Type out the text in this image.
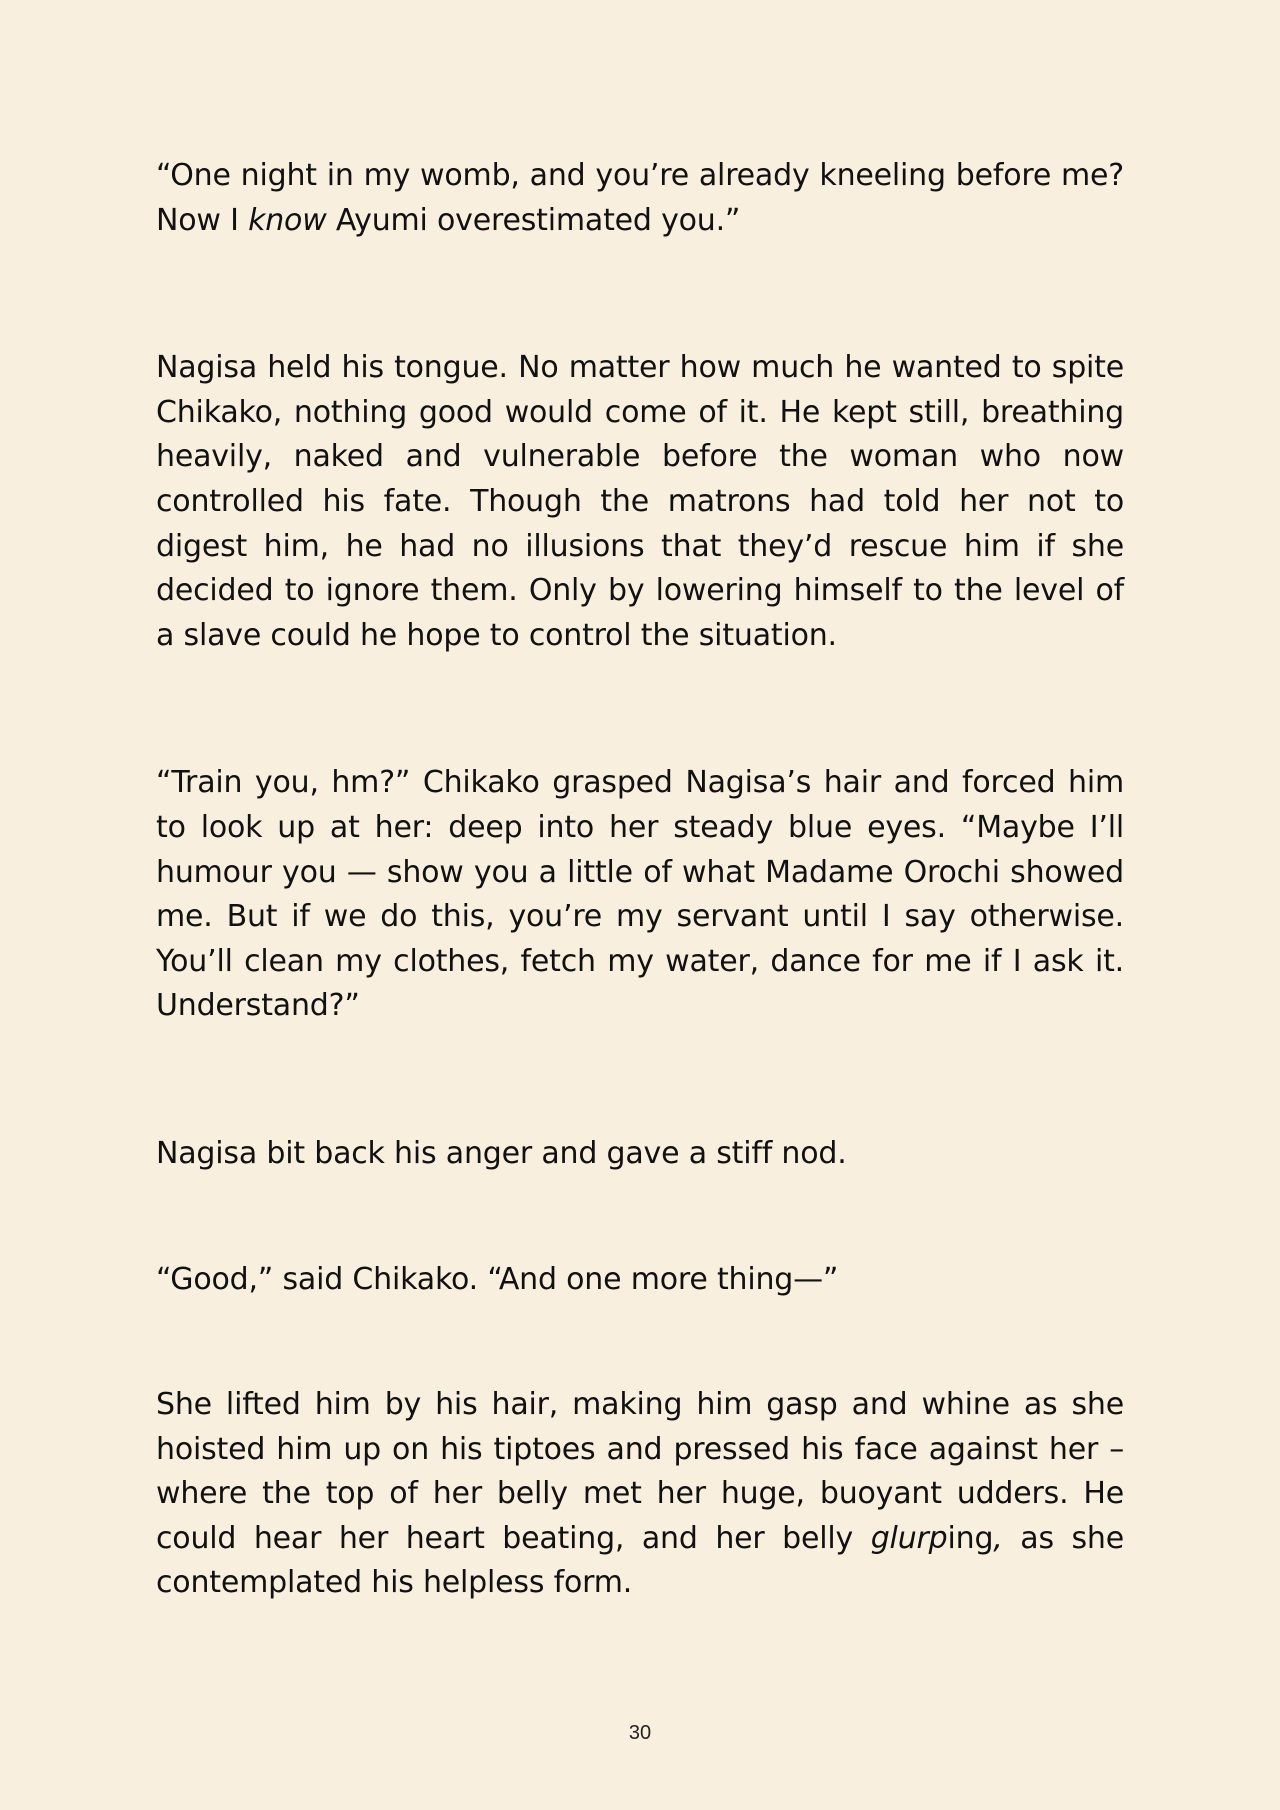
“One night in my womb, and you’re already kneeling before me? Now I know Ayumi overestimated you.”

Nagisa held his tongue. No matter how much he wanted to spite Chikako, nothing good would come of it. He kept still, breathing heavily, naked and vulnerable before the woman who now controlled his fate. Though the matrons had told her not to digest him, he had no illusions that they’d rescue him if she decided to ignore them. Only by lowering himself to the level of a slave could he hope to control the situation.

“Train you, hm?” Chikako grasped Nagisa’s hair and forced him to look up at her: deep into her steady blue eyes. “Maybe I’ll humour you — show you a little of what Madame Orochi showed me. But if we do this, you’re my servant until I say otherwise. You’ll clean my clothes, fetch my water, dance for me if I ask it. Understand?”

Nagisa bit back his anger and gave a stiff nod.

“Good,” said Chikako. “And one more thing—”

She lifted him by his hair, making him gasp and whine as she hoisted him up on his tiptoes and pressed his face against her – where the top of her belly met her huge, buoyant udders. He could hear her heart beating, and her belly glurping, as she contemplated his helpless form.

30
